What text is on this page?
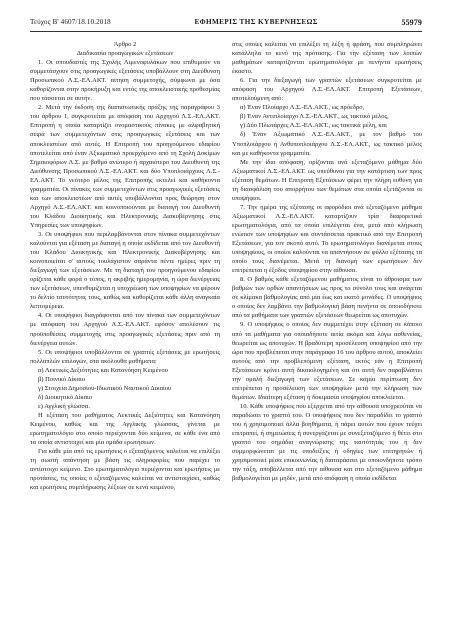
Τεύχος Β' 4607/18.10.2018	ΕΦΗΜΕΡΙΣ ΤΗΣ ΚΥΒΕΡΝΗΣΕΩΣ	55979

Άρθρο 2

Διαδικασία προαγωγικών εξετάσεων

1. Οι σπουδαστές της Σχολής Λιμενοφυλάκων που επιθυμούν να συμμετάσχουν στις προαγωγικές εξετάσεις υποβάλλουν στη Διεύθυνση Προσωπικού Λ.Σ.-ΕΛ.ΑΚΤ. αίτηση συμμετοχής, σύμφωνα με όσα καθορίζονται στην προκήρυξη και εντός της αποκλειστικής προθεσμίας που τάσσεται σε αυτήν.

2. Μετά την έκδοση της διαπιστωτικής πράξης της παραγράφου 3 του άρθρου 1, συγκροτείται με απόφαση του Αρχηγού Λ.Σ.-ΕΛ.ΑΚΤ. Επιτροπή η οποία καταρτίζει ονομαστικούς πίνακες με αλφαβητική σειρά των συμμετεχόντων στις προαγωγικές εξετάσεις και των αποκλειστέων από αυτές. Η Επιτροπή του προηγούμενου εδαφίου αποτελείται από έναν Αξιωματικό προερχόμενο από τη Σχολή Δοκίμων Σημαιοφόρων Λ.Σ. με βαθμό ανώτερο ή αρχαιότερο του Διευθυντή της Διεύθυνσης Προσωπικού Λ.Σ.-ΕΛ.ΑΚΤ. και δύο Υποπλοιάρχους Λ.Σ.-ΕΛ.ΑΚΤ. Το νεότερο μέλος της Επιτροπής εκτελεί και καθήκοντα γραμματέα. Οι πίνακες των συμμετεχόντων στις προαγωγικές εξετάσεις και των αποκλειστέων από αυτές υποβάλλονται προς θεώρηση στον Αρχηγό Λ.Σ.-ΕΛ.ΑΚΤ. και κοινοποιούνται με διαταγή του Διευθυντή του Κλάδου Διοικητικής και Ηλεκτρονικής Διακυβέρνησης στις Υπηρεσίες των υποψηφίων.

3. Οι υποψήφιοι που περιλαμβάνονται στον πίνακα συμμετεχόντων καλούνται για εξέταση με διαταγή η οποία εκδίδεται από τον Διευθυντή του Κλάδου Διοικητικής και Ηλεκτρονικής Διακυβέρνησης και κοινοποιείται σ' αυτούς τουλάχιστον σαράντα πέντε ημέρες πριν τη διεξαγωγή των εξετάσεων. Με τη διαταγή του προηγούμενου εδαφίου ορίζεται κάθε φορά ο τόπος, η ακριβής ημερομηνία, η ώρα διενέργειας των εξετάσεων, υπενθυμίζεται η υποχρέωση των υποψηφίων να φέρουν το δελτίο ταυτότητας τους, καθώς και καθορίζεται κάθε άλλη αναγκαία λεπτομέρεια.

4. Οι υποψήφιοι διαγράφονται από τον πίνακα των συμμετεχόντων με απόφαση του Αρχηγού Λ.Σ.-ΕΛ.ΑΚΤ. εφόσον απολέσουν τις προϋποθέσεις συμμετοχής στις προαγωγικές εξετάσεις πριν από τη διενέργεια αυτών.

5. Οι υποψήφιοι υποβάλλονται σε γραπτές εξετάσεις με ερωτήσεις πολλαπλών επιλογών, στα ακόλουθα μαθήματα:

α) Λεκτικές Δεξιότητες και Κατανόηση Κειμένου

β) Ποινικό Δίκαιο

γ) Στοιχεία Δημοσίου-Ιδιωτικού Ναυτικού Δικαίου

δ) Διοικητικό Δίκαιο

ε) Αγγλική γλώσσα.

Η εξέταση του μαθήματος Λεκτικές Δεξιότητες και Κατανόηση Κειμένου, καθώς και της Αγγλικής γλώσσας, γίνεται με ερωτηματολόγιο στο οποίο περιέχονται δύο κείμενα, σε κάθε ένα από τα οποία αντιστοιχεί και μία ομάδα ερωτήσεων.

Για κάθε μία από τις ερωτήσεις ο εξεταζόμενος καλείται να επιλέξει τη σωστή απάντηση με βάση τις πληροφορίες που παρέχει το αντίστοιχο κείμενο. Στο ερωτηματολόγιο περιέχονται και ερωτήσεις με προτάσεις, τις οποίες ο εξεταζόμενος καλείται να αντιστοιχίσει, καθώς και ερωτήσεις συμπλήρωσης λέξεων σε κενά κειμένου,

στις οποίες καλείται να επιλέξει τη λέξη ή φράση, που συμπληρώνει κατάλληλα το κενό της πρότασης. Για την εξέταση των λοιπών μαθημάτων καταρτίζονται ερωτηματολόγια με πενήντα ερωτήσεις έκαστο.

6. Για την διεξαγωγή των γραπτών εξετάσεων συγκροτείται με απόφαση του Αρχηγού Λ.Σ.-ΕΛ.ΑΚΤ. Επιτροπή Εξετάσεων, αποτελούμενη από:

α) Έναν Πλοίαρχο Λ.Σ.-ΕΛ.ΑΚΤ., ως πρόεδρο,

β) Έναν Αντιπλοίαρχο Λ.Σ.-ΕΛ.ΑΚΤ., ως τακτικό μέλος,

γ) Δύο Πλωτάρχες Λ.Σ.-ΕΛ.ΑΚΤ., ως τακτικά μέλη, και

δ) Έναν Αξιωματικό Λ.Σ.-ΕΛ.ΑΚΤ., με τον βαθμό του Υποπλοιάρχου ή Ανθυποπλοιάρχου Λ.Σ.-ΕΛ.ΑΚΤ., ως τακτικό μέλος και με καθήκοντα γραμματέα.

Με την ίδια απόφαση, ορίζονται ανά εξεταζόμενο μάθημα δύο Αξιωματικοί Λ.Σ.-ΕΛ.ΑΚΤ. ως υπεύθυνοι για την κατάρτιση των προς εξέταση θεμάτων. Η Επιτροπή Εξετάσεων φέρει την πλήρη ευθύνη για τη διασφάλιση του απορρήτου των θεμάτων στα οποία εξετάζονται οι υποψήφιοι.

7. Την ημέρα της εξέτασης οι αφορόδιοι ανά εξεταζόμενο μάθημα Αξιωματικοί Λ.Σ.-ΕΛ.ΑΚΤ. καταρτίζουν τρία διαφορετικά ερωτηματολόγια, από τα οποία επιλέγεται ένα, μετά από κλήρωση ενώπιον των υποψηφίων και συντάσσεται πρακτικό από την Επιτροπή Εξετάσεων, για τον σκοπό αυτό. Το ερωτηματολόγιο διανέμεται στους υποψηφίους, οι οποίοι καλούνται να απαντήσουν σε φύλλο εξέτασης τα οποίο τους διανέμεται. Μετά τη διανομή των ερωτήσεων δεν επιτρέπεται η έξοδος υποψηφίου στην αίθουσα.

8. Ο βαθμός κάθε εξεταζόμενου μαθήματος είναι το άθροισμα των βαθμών των ορθών απαντήσεων ως προς το σύνολο τους και ανάγεται σε κλίμακα βαθμολογίας από μία έως και εκατό μονάδες. Ο υποψήφιος ο οποίος δεν λαμβάνει την βαθμολογική βάση πενήντα σε οποιοδήποτε από τα μαθήματα των γραπτών εξετάσεων θεωρείται ως αποτυχών.

9. Ο υποψήφιος ο οποίος δεν συμμετέχει στην εξέταση σε κάποιο από τα μαθήματα για οποιαδήποτε αιτία ακόμα και λόγω ασθενείας, θεωρείται ως αποτυχών. Η βραδύτερη προσέλευση υποψηφίου από την ώρα που προβλέπεται στην παράγραφο 16 του άρθρου αυτού, αποκλείει αυτούς από την προβλεπόμενη εξέταση, εκτός εάν η Επιτροπή Εξετάσεων κρίνει αυτή δικαιολογημένη και ότι αυτή δεν παραβλάπτει την ομαλή διεξαγωγή των εξετάσεων. Σε καμία περίπτωση δεν επιτρέπεται η προσέλευση των υποψηφίων μετά την κλήρωση των θεμάτων. Ιδιαίτερη εξέταση ή δοκιμασία υποψηφίου αποκλείεται.

10. Κάθε υποψήφιος που εξέρχεται από την αίθουσα υποχρεούται να παραδώσει το γραπτό του. Ο υποψήφιος που δεν παραδίδει το γραπτό του ή χρησιμοποιεί άλλα βοηθήματα, ή πάρει αυτών που έχουν τεύχει επιτραπεί, ή σημειώσεις ή συνεργάζεται με συνεξεταζόμενο ή θέτει στο γραπτό του σημάδια αναγνώρισης της ταυτότητάς του ή δεν συμμορφώνεται με τις υποδείξεις ή οδηγίες των επιτηρητών ή χρησιμοποιεί μέσα επικοινωνίας ή διαταράσσει με οποιονδήποτε τρόπο την τάξη, αποβάλλεται από την αίθουσα και στο εξεταζόμενο μάθημα βαθμολογείται με μηδέν, μετά από απόφαση η οποία εκδίδεται
